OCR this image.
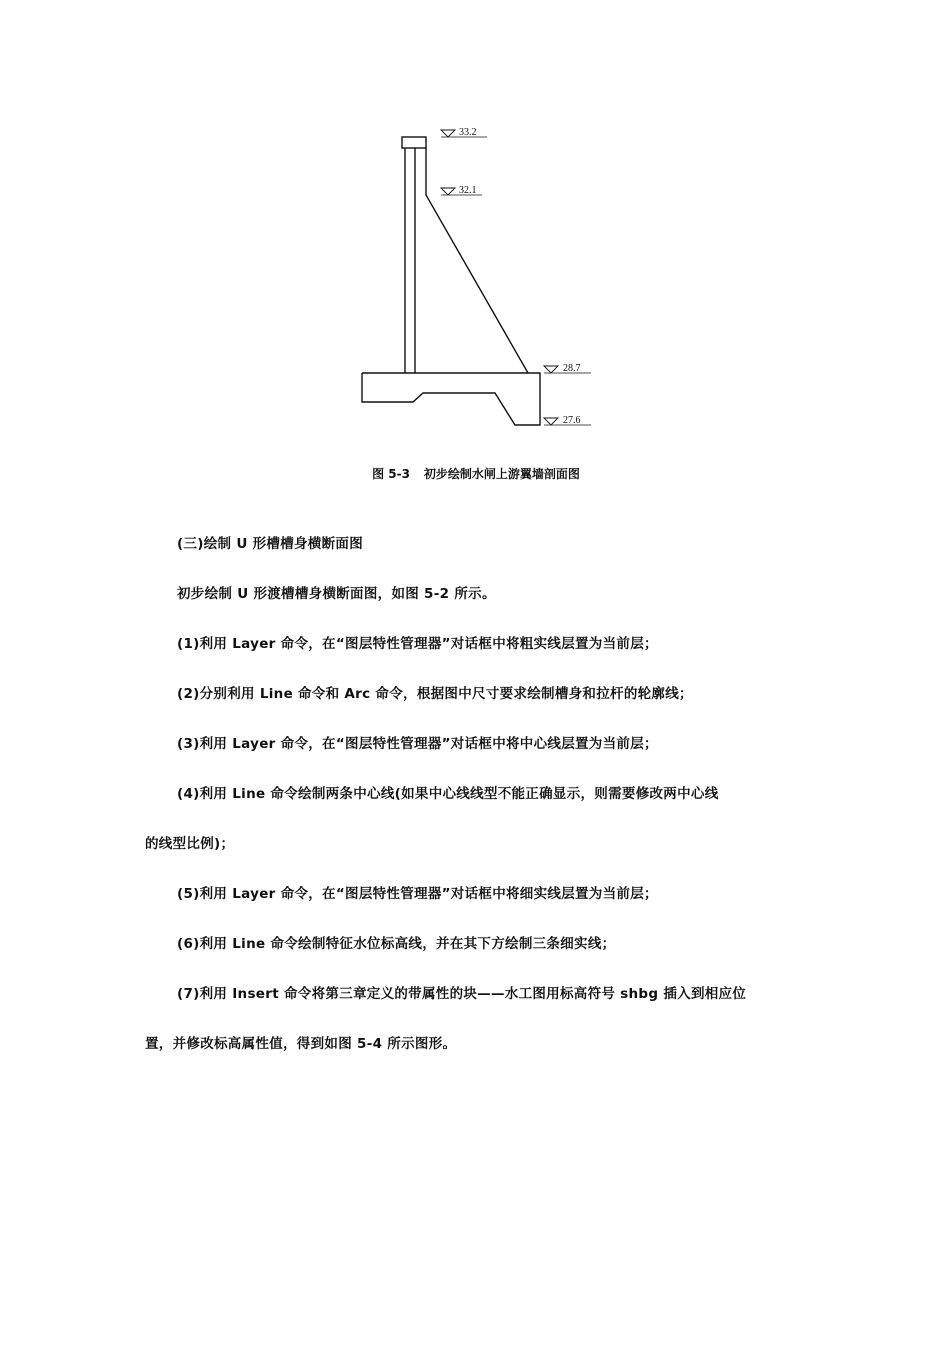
33.2
32.1
28.7
27.6
图 5-3 初步绘制水闸上游翼墙剖面图
(三)绘制 U 形槽槽身横断面图
初步绘制 U 形渡槽槽身横断面图，如图 5-2 所示。
(1)利用 Layer 命令，在“图层特性管理器”对话框中将粗实线层置为当前层；
(2)分别利用 Line 命令和 Arc 命令，根据图中尺寸要求绘制槽身和拉杆的轮廓线；
(3)利用 Layer 命令，在“图层特性管理器”对话框中将中心线层置为当前层；
(4)利用 Line 命令绘制两条中心线(如果中心线线型不能正确显示，则需要修改两中心线
的线型比例)；
(5)利用 Layer 命令，在“图层特性管理器”对话框中将细实线层置为当前层；
(6)利用 Line 命令绘制特征水位标高线，并在其下方绘制三条细实线；
(7)利用 Insert 命令将第三章定义的带属性的块——水工图用标高符号 shbg 插入到相应位
置，并修改标高属性值，得到如图 5-4 所示图形。
